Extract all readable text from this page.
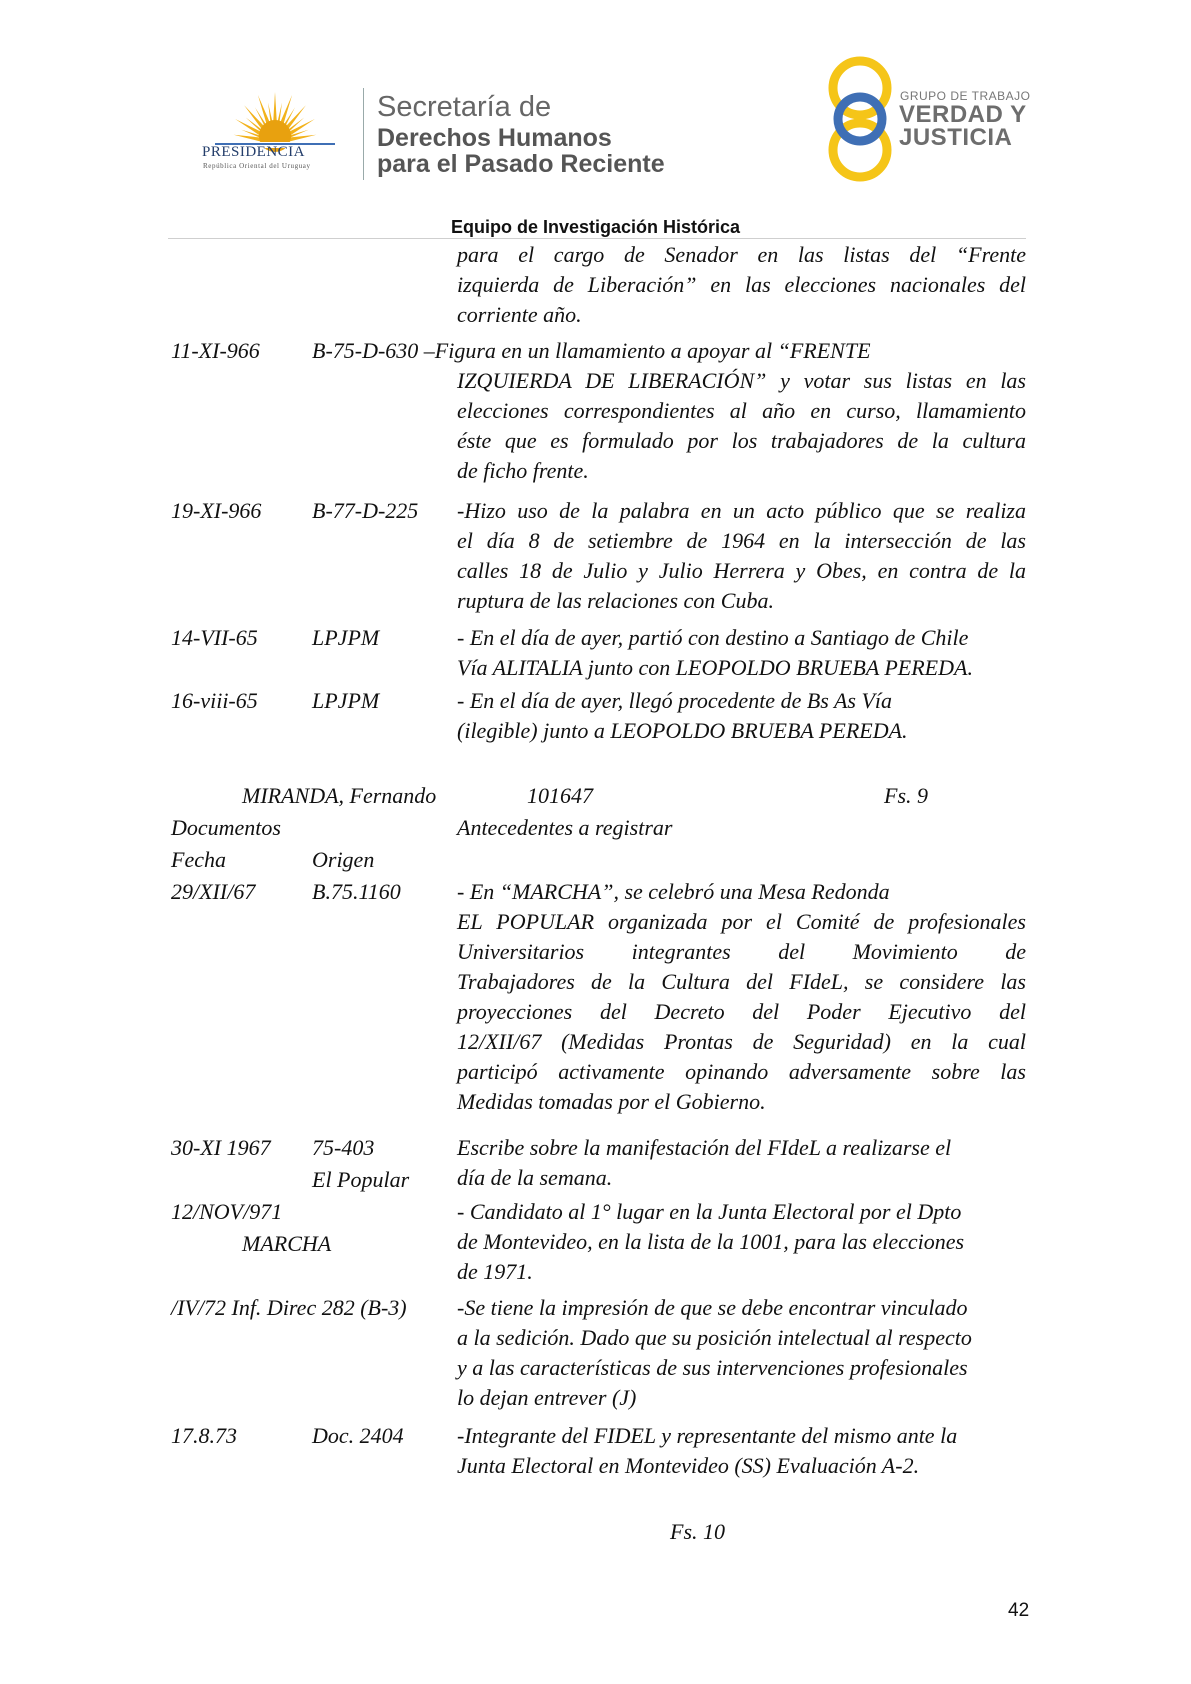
PRESIDENCIA
República Oriental del Uruguay
Secretaría de
Derechos Humanos
para el Pasado Reciente
GRUPO DE TRABAJO
VERDAD Y
JUSTICIA
Equipo de Investigación Histórica
para el cargo de Senador en las listas del “Frente
izquierda de Liberación” en las elecciones nacionales del
corriente año.
11-XI-966 B-75-D-630 –Figura en un llamamiento a apoyar al “FRENTE
IZQUIERDA DE LIBERACIÓN” y votar sus listas en las
elecciones correspondientes al año en curso, llamamiento
éste que es formulado por los trabajadores de la cultura
de ficho frente.
19-XI-966 B-77-D-225 -Hizo uso de la palabra en un acto público que se realiza
el día 8 de setiembre de 1964 en la intersección de las
calles 18 de Julio y Julio Herrera y Obes, en contra de la
ruptura de las relaciones con Cuba.
14-VII-65 LPJPM	- En el día de ayer, partió con destino a Santiago de Chile
Vía ALITALIA junto con LEOPOLDO BRUEBA PEREDA.
16-viii-65 LPJPM	- En el día de ayer, llegó procedente de Bs As Vía
(ilegible) junto a LEOPOLDO BRUEBA PEREDA.
MIRANDA, Fernando	101647	Fs. 9
Documentos	Antecedentes a registrar
Fecha	Origen
29/XII/67	B.75.1160	- En “MARCHA”, se celebró una Mesa Redonda
EL POPULAR organizada por el Comité de profesionales
Universitarios integrantes del Movimiento de
Trabajadores de la Cultura del FIdeL, se considere las
proyecciones del Decreto del Poder Ejecutivo del
12/XII/67 (Medidas Prontas de Seguridad) en la cual
participó activamente opinando adversamente sobre las
Medidas tomadas por el Gobierno.
30-XI 1967 75-403
El Popular
Escribe sobre la manifestación del FIdeL a realizarse el
día de la semana.
12/NOV/971
MARCHA
- Candidato al 1° lugar en la Junta Electoral por el Dpto
de Montevideo, en la lista de la 1001, para las elecciones
de 1971.
/IV/72 Inf. Direc 282 (B-3) -Se tiene la impresión de que se debe encontrar vinculado
a la sedición. Dado que su posición intelectual al respecto
y a las características de sus intervenciones profesionales
lo dejan entrever (J)
17.8.73	Doc. 2404 -Integrante del FIDEL y representante del mismo ante la
Junta Electoral en Montevideo (SS) Evaluación A-2.
Fs. 10
42
